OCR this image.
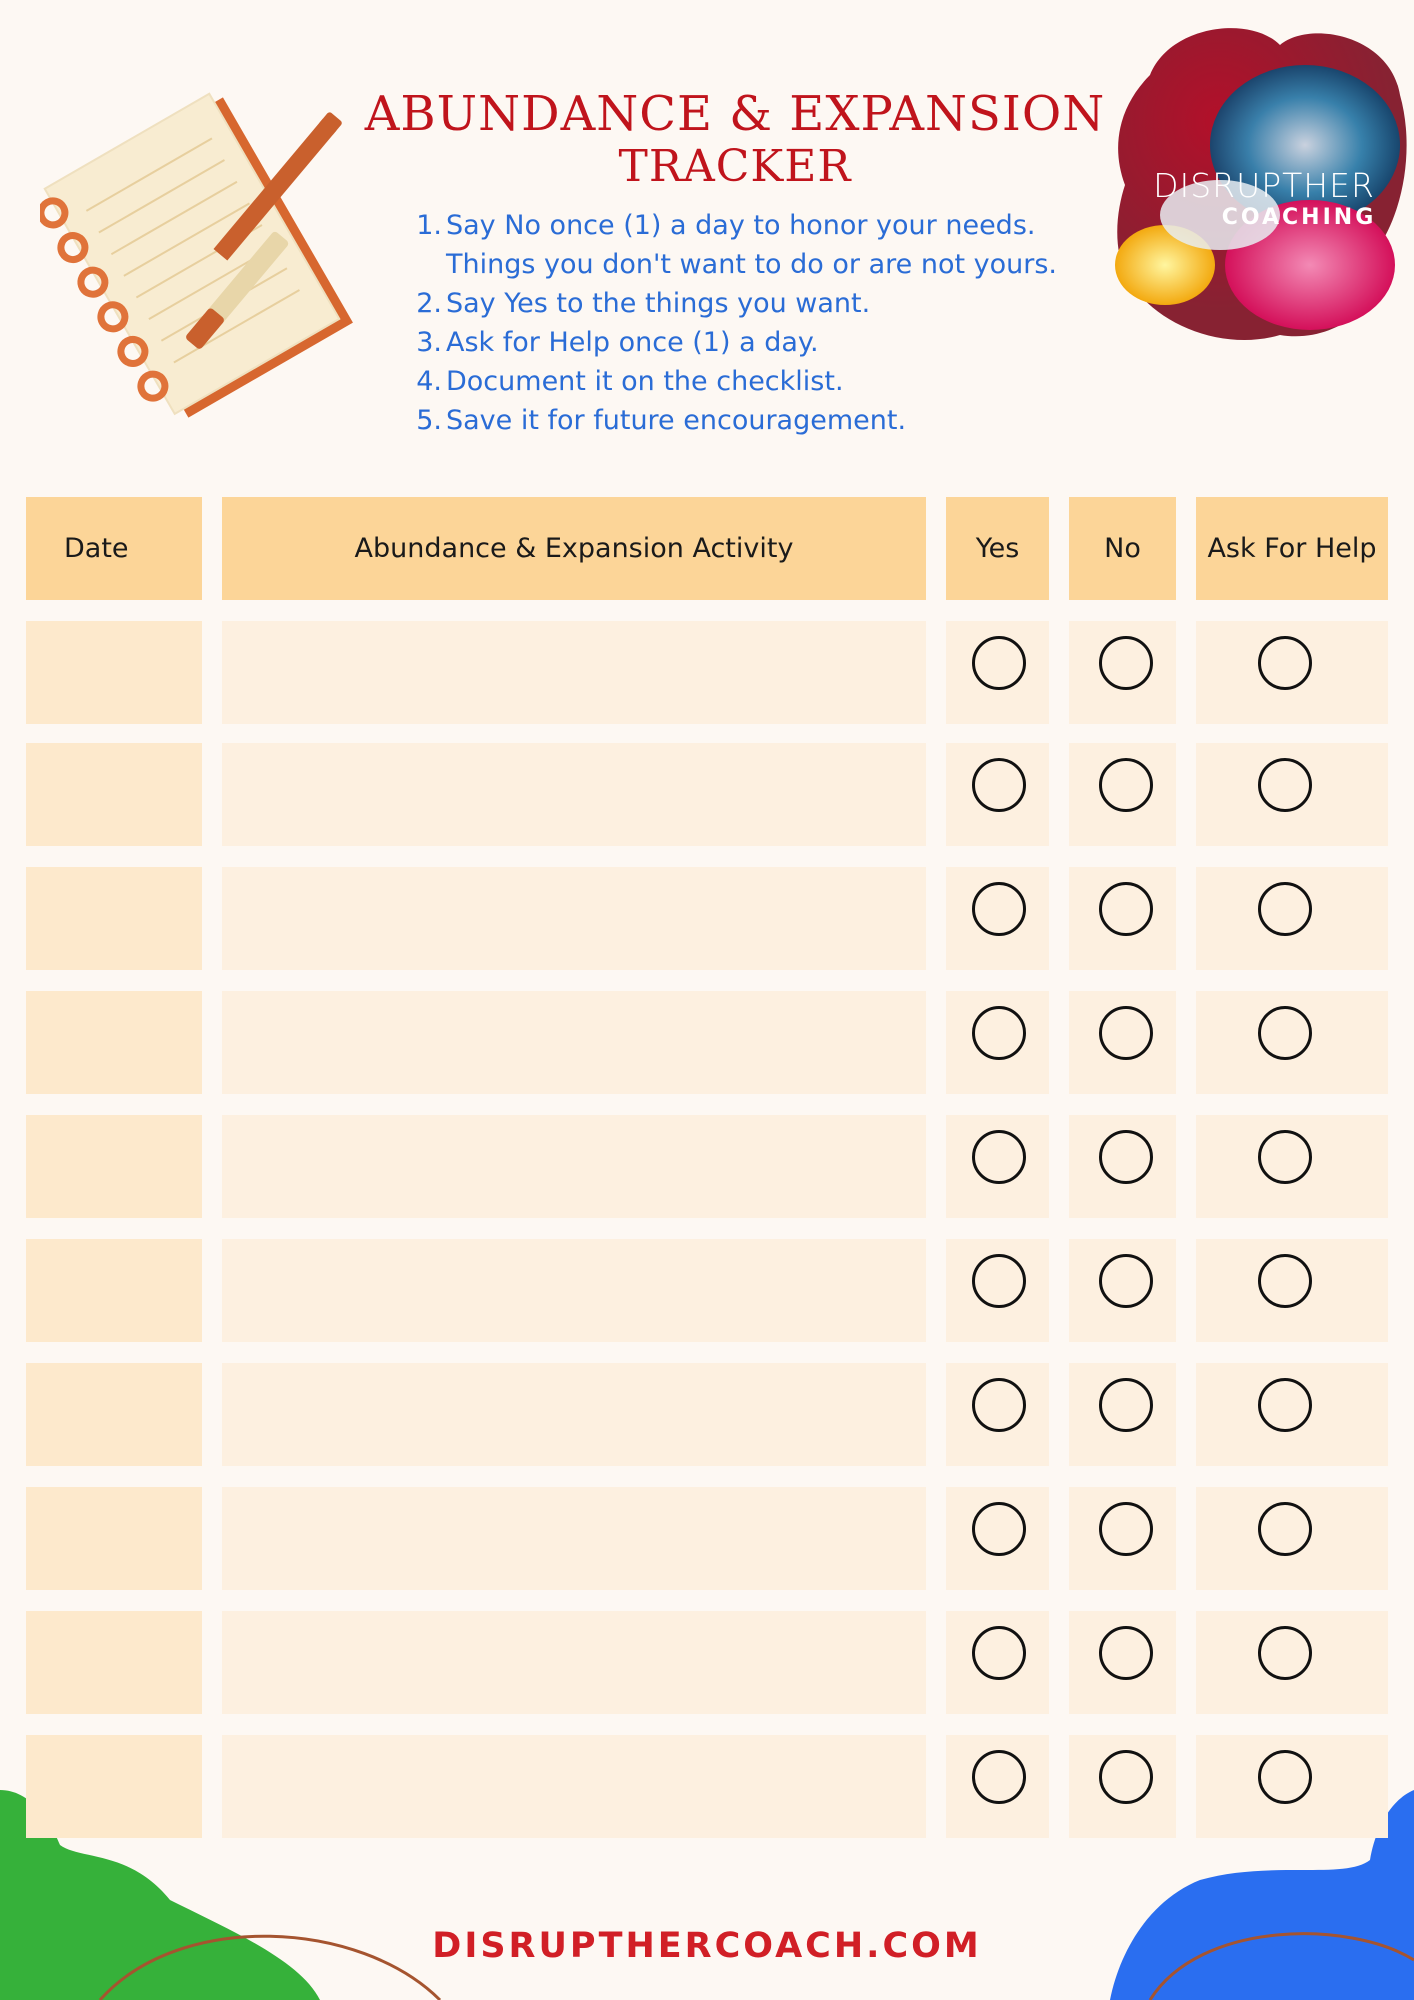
ABUNDANCE & EXPANSION
TRACKER
1. Say No once (1) a day to honor your needs.
Things you don't want to do or are not yours.
2. Say Yes to the things you want.
3. Ask for Help once (1) a day.
4. Document it on the checklist.
5. Save it for future encouragement.
DISRUPTHER
COACHING
Date	Abundance & Expansion Activity	Yes	No	Ask For Help
DISRUPTHERCOACH.COM
